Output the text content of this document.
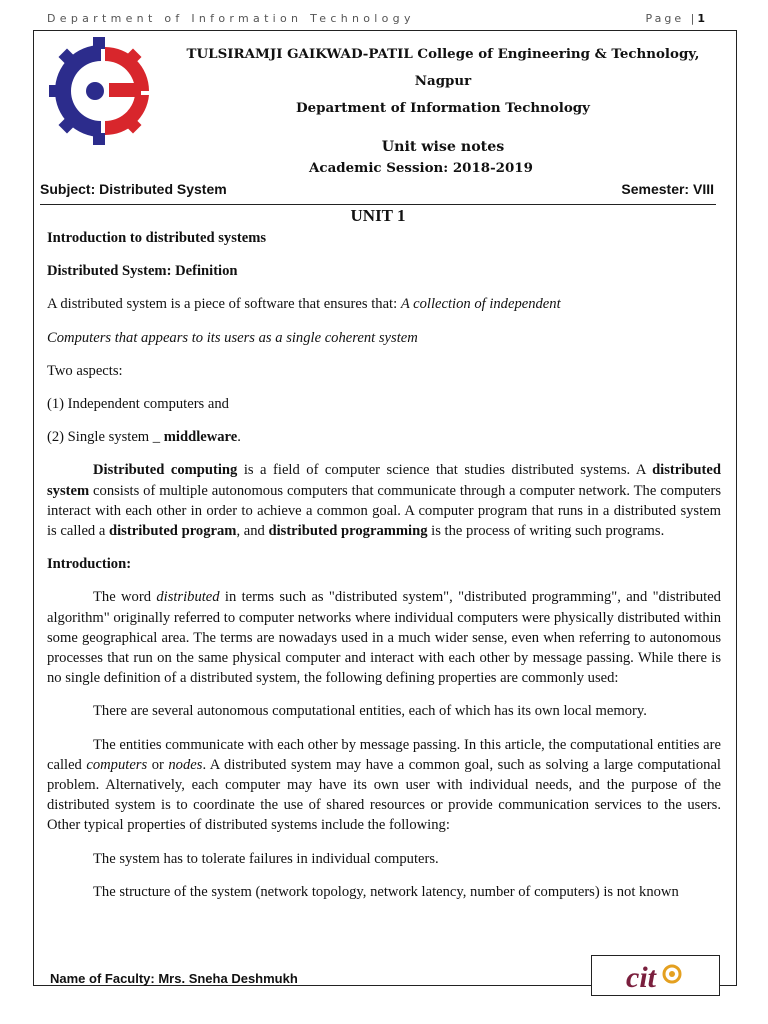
Department of Information Technology	Page |1
TULSIRAMJI GAIKWAD-PATIL College of Engineering & Technology,
Nagpur
Department of Information Technology
Unit wise notes
Academic Session: 2018-2019
Subject: Distributed System	Semester: VIII
UNIT 1

Introduction to distributed systems

Distributed System: Definition

A distributed system is a piece of software that ensures that: A collection of independent

Computers that appears to its users as a single coherent system

Two aspects:

(1) Independent computers and

(2) Single system _ middleware.

Distributed computing is a field of computer science that studies distributed systems. A distributed system consists of multiple autonomous computers that communicate through a computer network. The computers interact with each other in order to achieve a common goal. A computer program that runs in a distributed system is called a distributed program, and distributed programming is the process of writing such programs.

Introduction:

The word distributed in terms such as "distributed system", "distributed programming", and "distributed algorithm" originally referred to computer networks where individual computers were physically distributed within some geographical area. The terms are nowadays used in a much wider sense, even when referring to autonomous processes that run on the same physical computer and interact with each other by message passing. While there is no single definition of a distributed system, the following defining properties are commonly used:

There are several autonomous computational entities, each of which has its own local memory.

The entities communicate with each other by message passing. In this article, the computational entities are called computers or nodes. A distributed system may have a common goal, such as solving a large computational problem. Alternatively, each computer may have its own user with individual needs, and the purpose of the distributed system is to coordinate the use of shared resources or provide communication services to the users. Other typical properties of distributed systems include the following:

The system has to tolerate failures in individual computers.

The structure of the system (network topology, network latency, number of computers) is not known

Name of Faculty: Mrs. Sneha Deshmukh	cit
